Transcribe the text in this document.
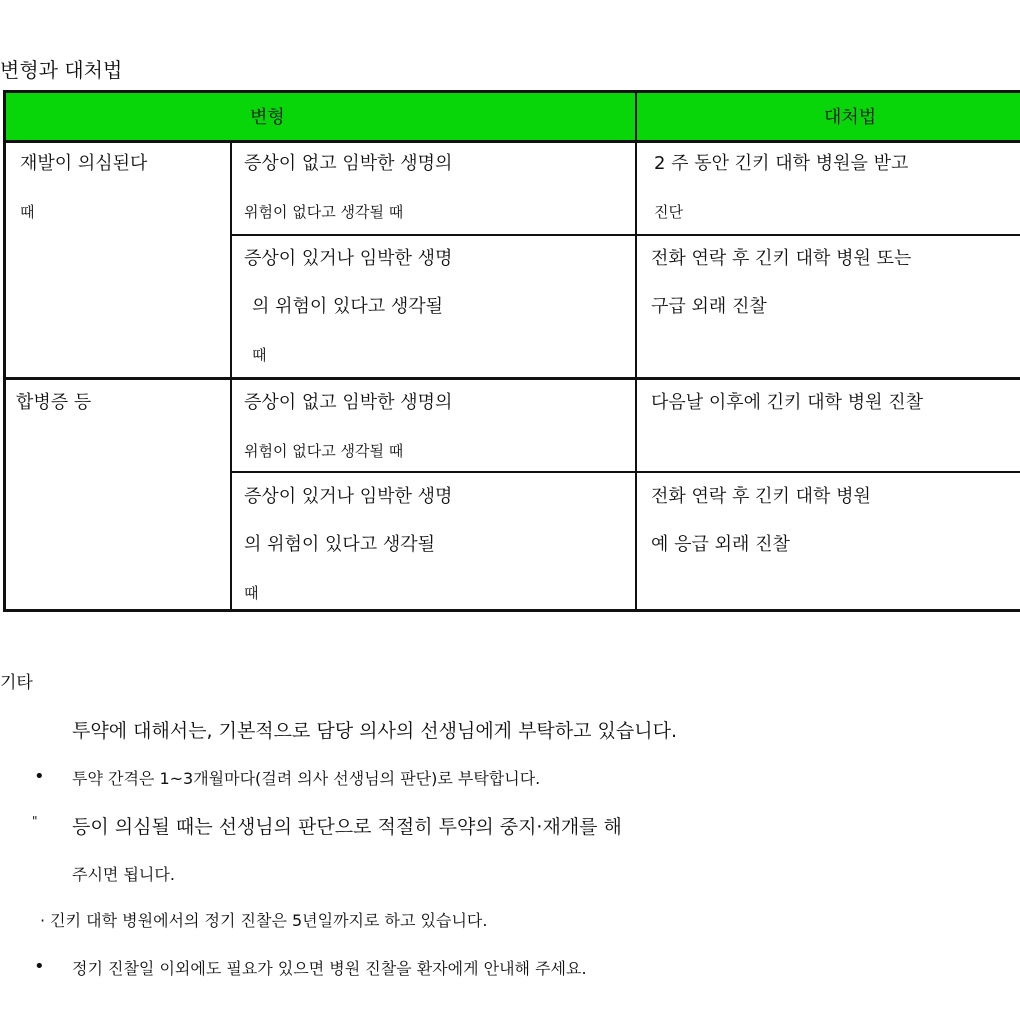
변형과 대처법
변형	대처법
재발이 의심된다
때
합병증 등
증상이 없고 임박한 생명의
위험이 없다고 생각될 때
2 주 동안 긴키 대학 병원을 받고
진단
증상이 있거나 임박한 생명
의 위험이 있다고 생각될
때
전화 연락 후 긴키 대학 병원 또는
구급 외래 진찰
증상이 없고 임박한 생명의
위험이 없다고 생각될 때
다음날 이후에 긴키 대학 병원 진찰
증상이 있거나 임박한 생명
의 위험이 있다고 생각될
때
전화 연락 후 긴키 대학 병원
예 응급 외래 진찰
기타
투약에 대해서는, 기본적으로 담당 의사의 선생님에게 부탁하고 있습니다.
• 투약 간격은 1~3개월마다(걸려 의사 선생님의 판단)로 부탁합니다.
" 등이 의심될 때는 선생님의 판단으로 적절히 투약의 중지·재개를 해
주시면 됩니다.
· 긴키 대학 병원에서의 정기 진찰은 5년일까지로 하고 있습니다.
• 정기 진찰일 이외에도 필요가 있으면 병원 진찰을 환자에게 안내해 주세요.
